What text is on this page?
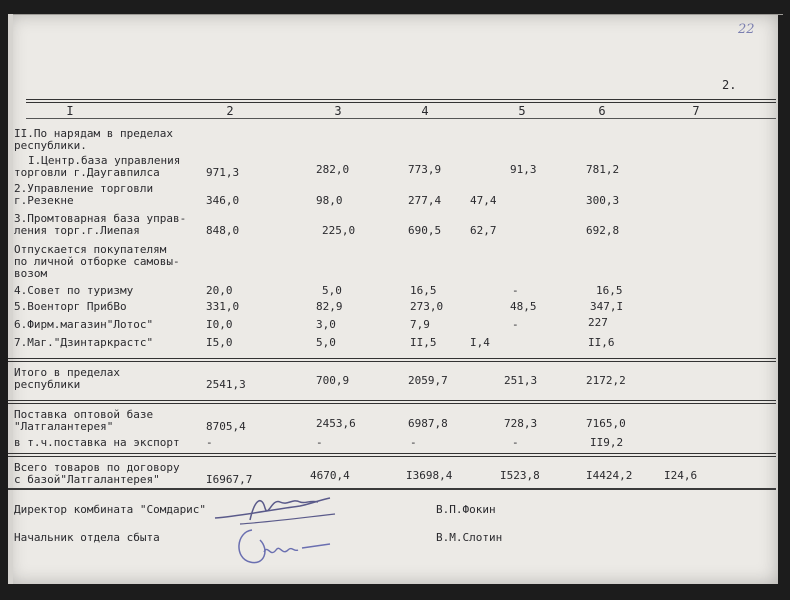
22
2.
I	2	3	4	5	6	7
II.По нарядам в пределах
республики.
I.Центр.база управления
торговли г.Даугавпилса	971,3	282,0	773,9	91,3	781,2
2.Управление торговли
г.Резекне	346,0	98,0	277,4	47,4	300,3
3.Промтоварная база управ-
ления торг.г.Лиепая	848,0	225,0	690,5	62,7	692,8
Отпускается покупателям
по личной отборке самовы-
возом
4.Совет по туризму	20,0	5,0	16,5	-	16,5
5.Военторг ПрибВо	331,0	82,9	273,0	48,5	347,I
6.Фирм.магазин"Лотос"	I0,0	3,0	7,9	-	227
7.Маг."Дзинтаркрастс"	I5,0	5,0	II,5	I,4	II,6
Итого в пределах
республики	2541,3	700,9	2059,7	251,3	2172,2
Поставка оптовой базе
"Латгалантерея"	8705,4	2453,6	6987,8	728,3	7165,0
в т.ч.поставка на экспорт -	-	-	-	II9,2
Всего товаров по договору
с базой"Латгалантерея"	I6967,7	4670,4	I3698,4	I523,8	I4424,2	I24,6
Директор комбината "Сомдарис"	В.П.Фокин
Начальник отдела сбыта	В.М.Слотин
